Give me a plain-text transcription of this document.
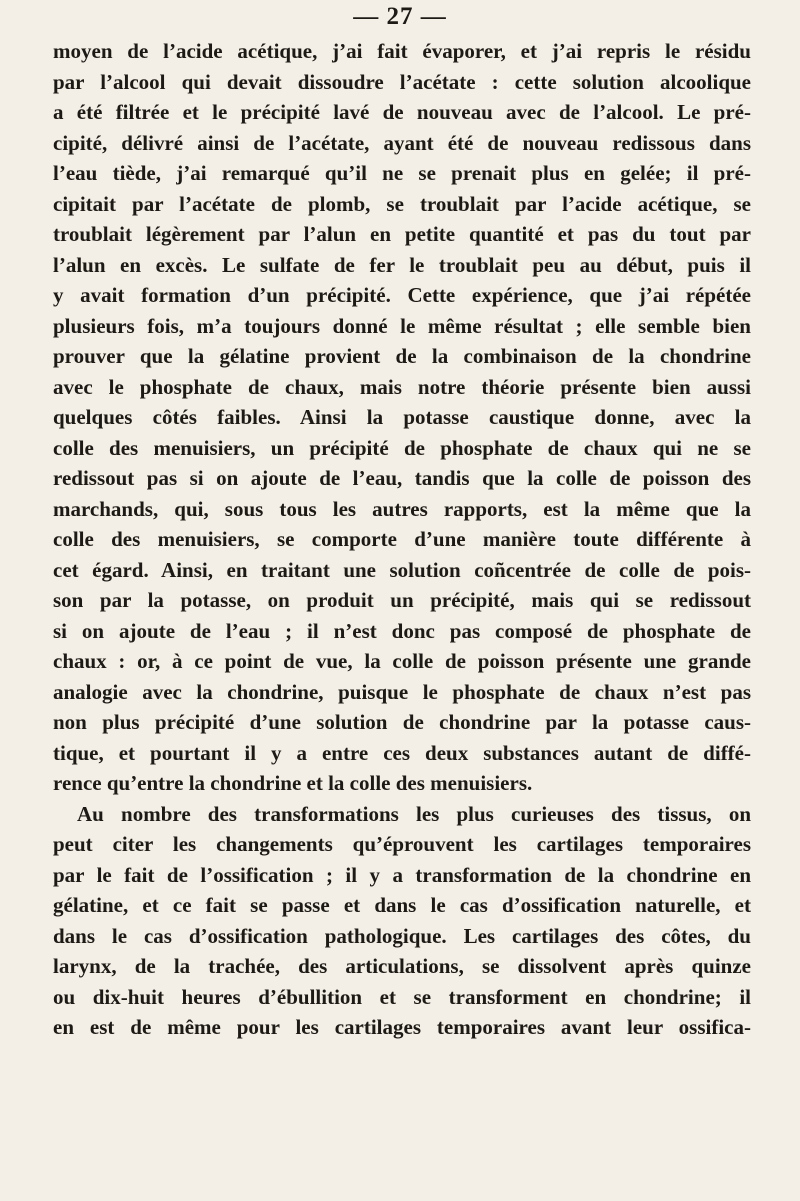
— 27 —
moyen de l’acide acétique, j’ai fait évaporer, et j’ai repris le résidu
par l’alcool qui devait dissoudre l’acétate : cette solution alcoolique
a été filtrée et le précipité lavé de nouveau avec de l’alcool. Le pré-
cipité, délivré ainsi de l’acétate, ayant été de nouveau redissous dans
l’eau tiède, j’ai remarqué qu’il ne se prenait plus en gelée; il pré-
cipitait par l’acétate de plomb, se troublait par l’acide acétique, se
troublait légèrement par l’alun en petite quantité et pas du tout par
l’alun en excès. Le sulfate de fer le troublait peu au début, puis il
y avait formation d’un précipité. Cette expérience, que j’ai répétée
plusieurs fois, m’a toujours donné le même résultat ; elle semble bien
prouver que la gélatine provient de la combinaison de la chondrine
avec le phosphate de chaux, mais notre théorie présente bien aussi
quelques côtés faibles. Ainsi la potasse caustique donne, avec la
colle des menuisiers, un précipité de phosphate de chaux qui ne se
redissout pas si on ajoute de l’eau, tandis que la colle de poisson des
marchands, qui, sous tous les autres rapports, est la même que la
colle des menuisiers, se comporte d’une manière toute différente à
cet égard. Ainsi, en traitant une solution coñcentrée de colle de pois-
son par la potasse, on produit un précipité, mais qui se redissout
si on ajoute de l’eau ; il n’est donc pas composé de phosphate de
chaux : or, à ce point de vue, la colle de poisson présente une grande
analogie avec la chondrine, puisque le phosphate de chaux n’est pas
non plus précipité d’une solution de chondrine par la potasse caus-
tique, et pourtant il y a entre ces deux substances autant de diffé-
rence qu’entre la chondrine et la colle des menuisiers.
Au nombre des transformations les plus curieuses des tissus, on
peut citer les changements qu’éprouvent les cartilages temporaires
par le fait de l’ossification ; il y a transformation de la chondrine en
gélatine, et ce fait se passe et dans le cas d’ossification naturelle, et
dans le cas d’ossification pathologique. Les cartilages des côtes, du
larynx, de la trachée, des articulations, se dissolvent après quinze
ou dix-huit heures d’ébullition et se transforment en chondrine; il
en est de même pour les cartilages temporaires avant leur ossifica-
